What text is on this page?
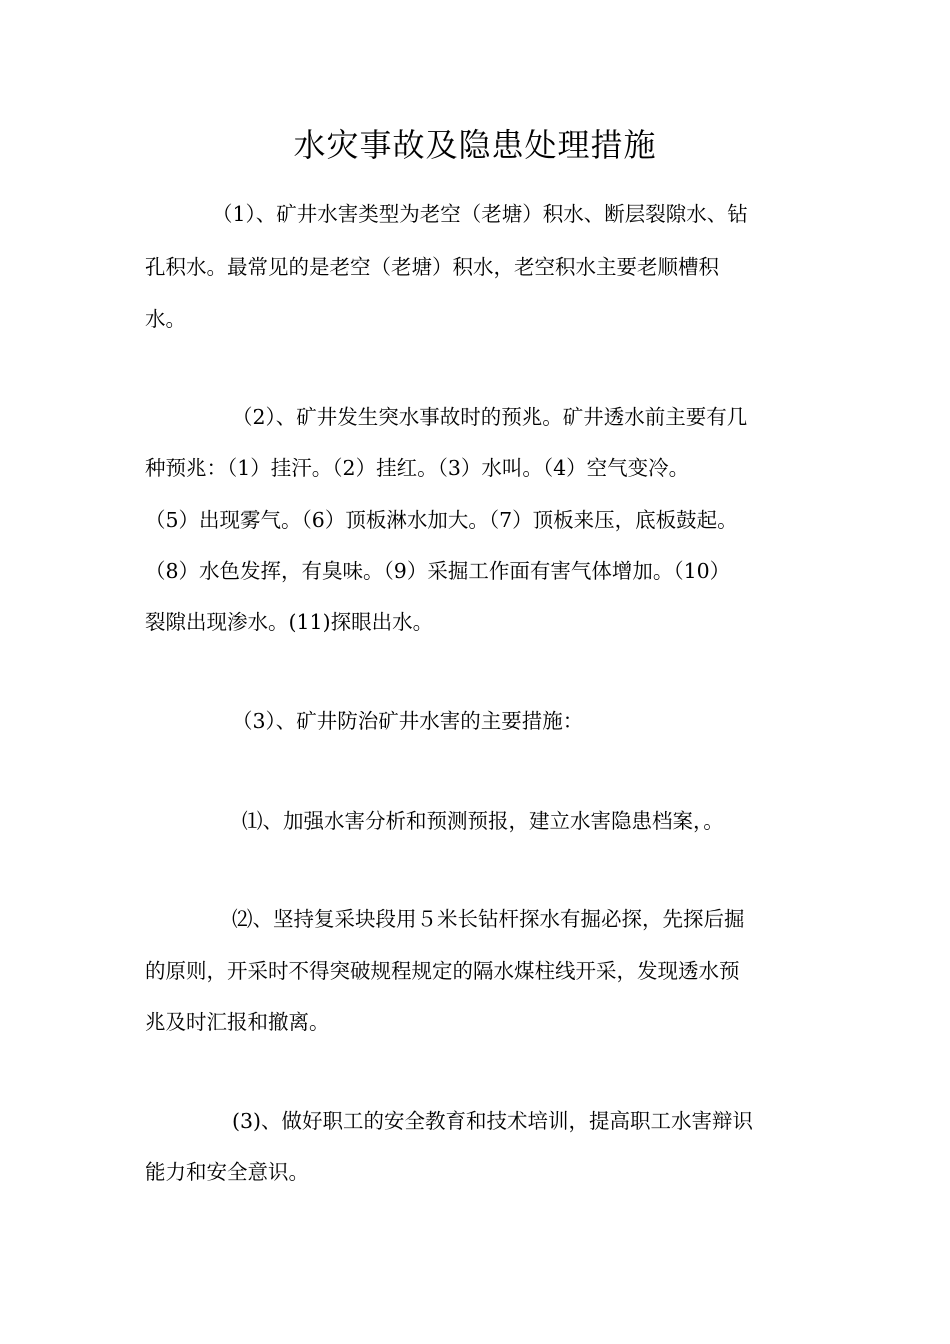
水灾事故及隐患处理措施
（1）、矿井水害类型为老空（老塘）积水、断层裂隙水、钻
孔积水。最常见的是老空（老塘）积水，老空积水主要老顺槽积
水。
（2）、矿井发生突水事故时的预兆。矿井透水前主要有几
种预兆：（1）挂汗。（2）挂红。（3）水叫。（4）空气变冷。
（5）出现雾气。（6）顶板淋水加大。（7）顶板来压，底板鼓起。
（8）水色发挥，有臭味。（9）采掘工作面有害气体增加。（10）
裂隙出现渗水。(11)探眼出水。
（3）、矿井防治矿井水害的主要措施：
⑴、加强水害分析和预测预报，建立水害隐患档案，。
⑵、坚持复采块段用５米长钻杆探水有掘必探，先探后掘
的原则，开采时不得突破规程规定的隔水煤柱线开采，发现透水预
兆及时汇报和撤离。
(3)、做好职工的安全教育和技术培训，提高职工水害辩识
能力和安全意识。
